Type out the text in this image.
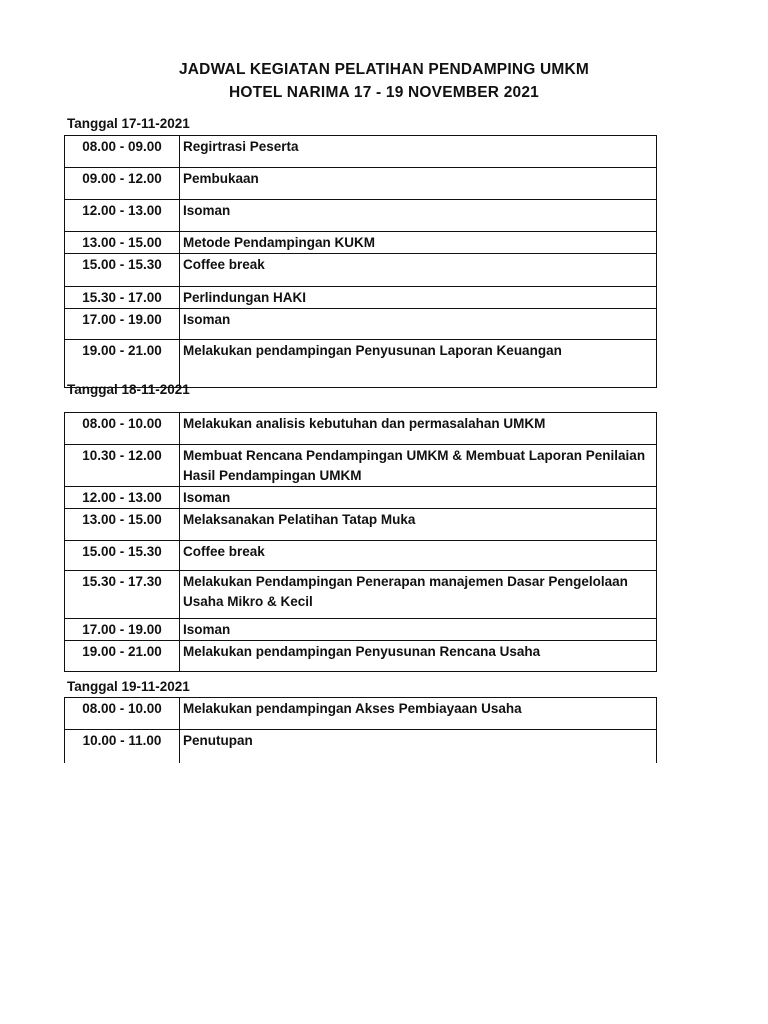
JADWAL KEGIATAN PELATIHAN PENDAMPING UMKM
HOTEL NARIMA 17 - 19 NOVEMBER 2021
Tanggal 17-11-2021
08.00 - 09.00	Regirtrasi Peserta
09.00 - 12.00	Pembukaan
12.00 - 13.00	Isoman
13.00 - 15.00	Metode Pendampingan KUKM
15.00 - 15.30	Coffee break
15.30 - 17.00	Perlindungan HAKI
17.00 - 19.00	Isoman
19.00 - 21.00	Melakukan pendampingan Penyusunan Laporan Keuangan
Tanggal 18-11-2021
08.00 - 10.00	Melakukan analisis kebutuhan dan permasalahan UMKM
10.30 - 12.00	Membuat Rencana Pendampingan UMKM & Membuat Laporan Penilaian Hasil Pendampingan UMKM
12.00 - 13.00	Isoman
13.00 - 15.00	Melaksanakan Pelatihan Tatap Muka
15.00 - 15.30	Coffee break
15.30 - 17.30	Melakukan Pendampingan Penerapan manajemen Dasar Pengelolaan Usaha Mikro & Kecil
17.00 - 19.00	Isoman
19.00 - 21.00	Melakukan pendampingan Penyusunan Rencana Usaha
Tanggal 19-11-2021
08.00 - 10.00	Melakukan pendampingan Akses Pembiayaan Usaha
10.00 - 11.00	Penutupan
